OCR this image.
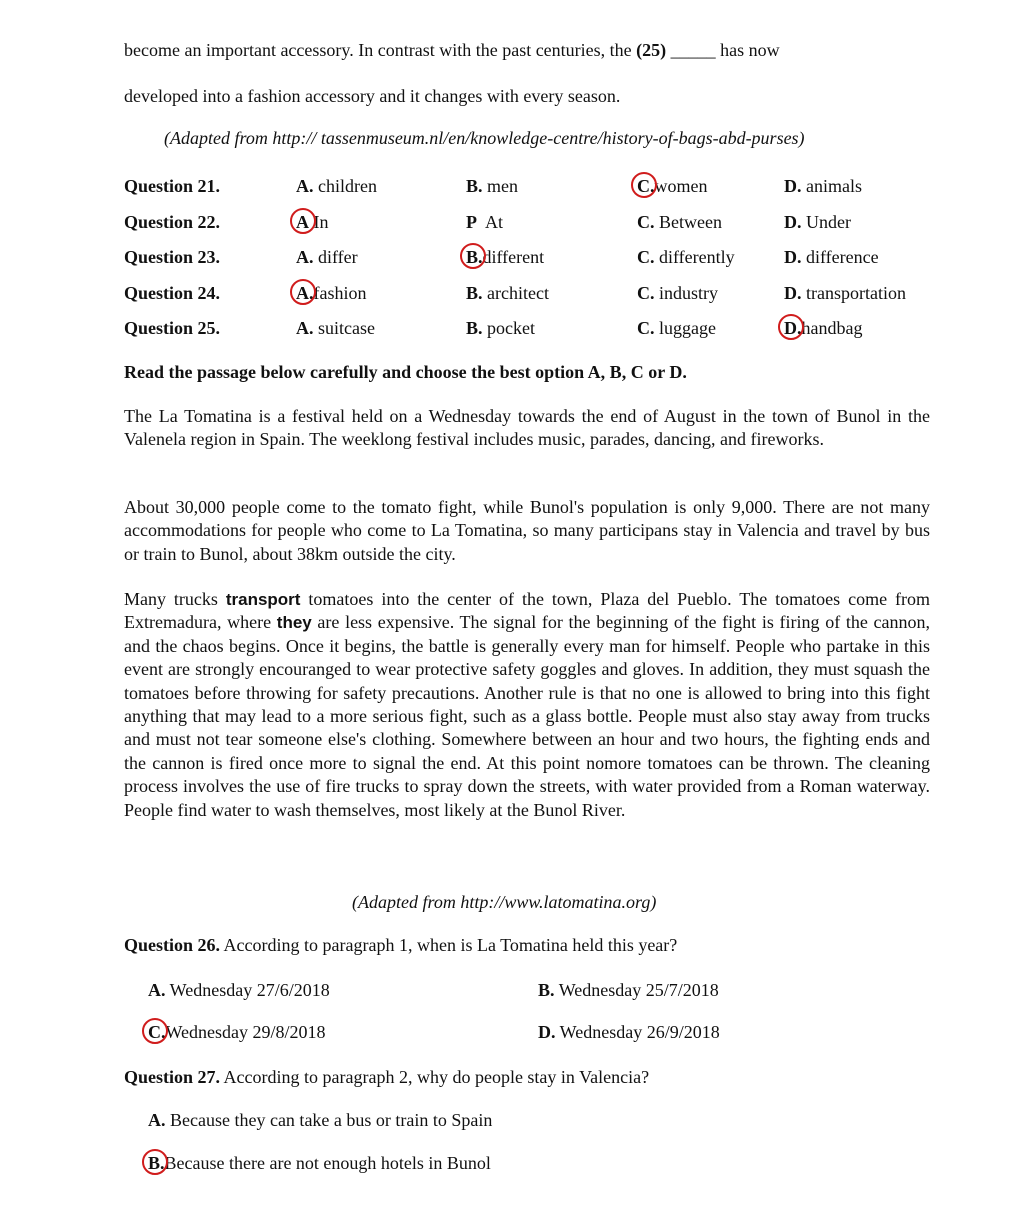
become an important accessory. In contrast with the past centuries, the (25) _____ has now
developed into a fashion accessory and it changes with every season.
(Adapted from http:// tassenmuseum.nl/en/knowledge-centre/history-of-bags-abd-purses)
Question 21.	A. children	B. men	C.women	D. animals
Question 22.	A In	P  At	C. Between	D. Under
Question 23.	A. differ	B.different	C. differently	D. difference
Question 24.	A.fashion	B. architect	C. industry	D. transportation
Question 25.	A. suitcase	B. pocket	C. luggage	D.handbag
Read the passage below carefully and choose the best option A, B, C or D.

The La Tomatina is a festival held on a Wednesday towards the end of August in the town of Bunol in the Valenela region in Spain. The weeklong festival includes music, parades, dancing, and fireworks.

About 30,000 people come to the tomato fight, while Bunol's population is only 9,000. There are not many accommodations for people who come to La Tomatina, so many participans stay in Valencia and travel by bus or train to Bunol, about 38km outside the city.

Many trucks transport tomatoes into the center of the town, Plaza del Pueblo. The tomatoes come from Extremadura, where they are less expensive. The signal for the beginning of the fight is firing of the cannon, and the chaos begins. Once it begins, the battle is generally every man for himself. People who partake in this event are strongly encouranged to wear protective safety goggles and gloves. In addition, they must squash the tomatoes before throwing for safety precautions. Another rule is that no one is allowed to bring into this fight anything that may lead to a more serious fight, such as a glass bottle. People must also stay away from trucks and must not tear someone else's clothing. Somewhere between an hour and two hours, the fighting ends and the cannon is fired once more to signal the end. At this point nomore tomatoes can be thrown. The cleaning process involves the use of fire trucks to spray down the streets, with water provided from a Roman waterway. People find water to wash themselves, most likely at the Bunol River.

(Adapted from http://www.latomatina.org)
Question 26. According to paragraph 1, when is La Tomatina held this year?
A. Wednesday 27/6/2018	B. Wednesday 25/7/2018
C.Wednesday 29/8/2018	D. Wednesday 26/9/2018
Question 27. According to paragraph 2, why do people stay in Valencia?
A. Because they can take a bus or train to Spain
B.Because there are not enough hotels in Bunol
